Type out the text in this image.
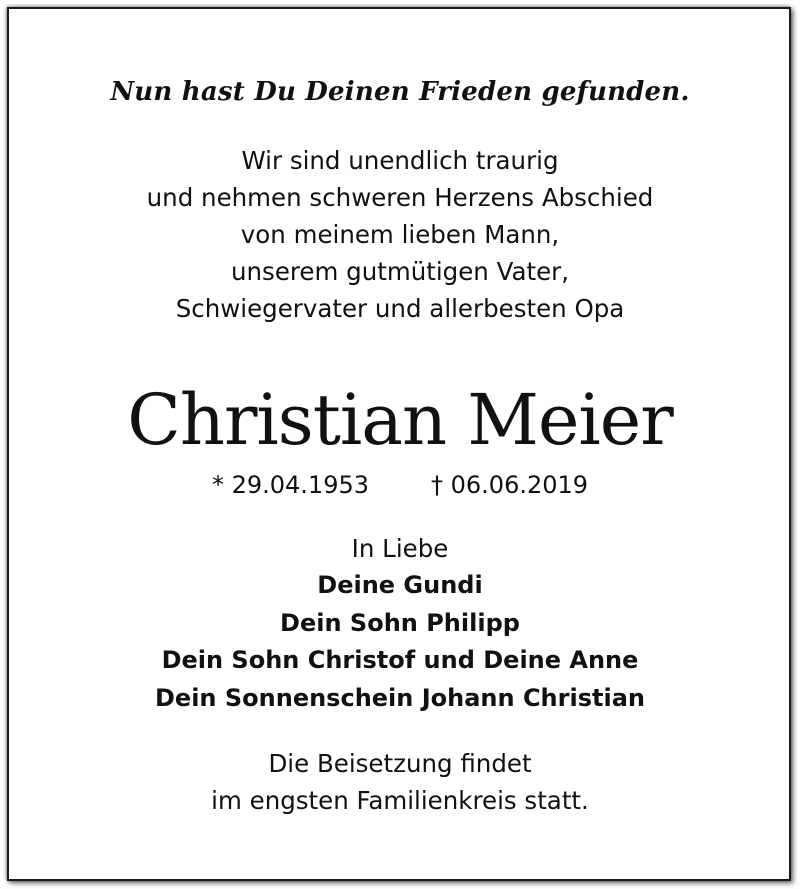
Nun hast Du Deinen Frieden gefunden.
Wir sind unendlich traurig
und nehmen schweren Herzens Abschied
von meinem lieben Mann,
unserem gutmütigen Vater,
Schwiegervater und allerbesten Opa
Christian Meier
* 29.04.1953	† 06.06.2019
In Liebe
Deine Gundi
Dein Sohn Philipp
Dein Sohn Christof und Deine Anne
Dein Sonnenschein Johann Christian
Die Beisetzung findet
im engsten Familienkreis statt.
